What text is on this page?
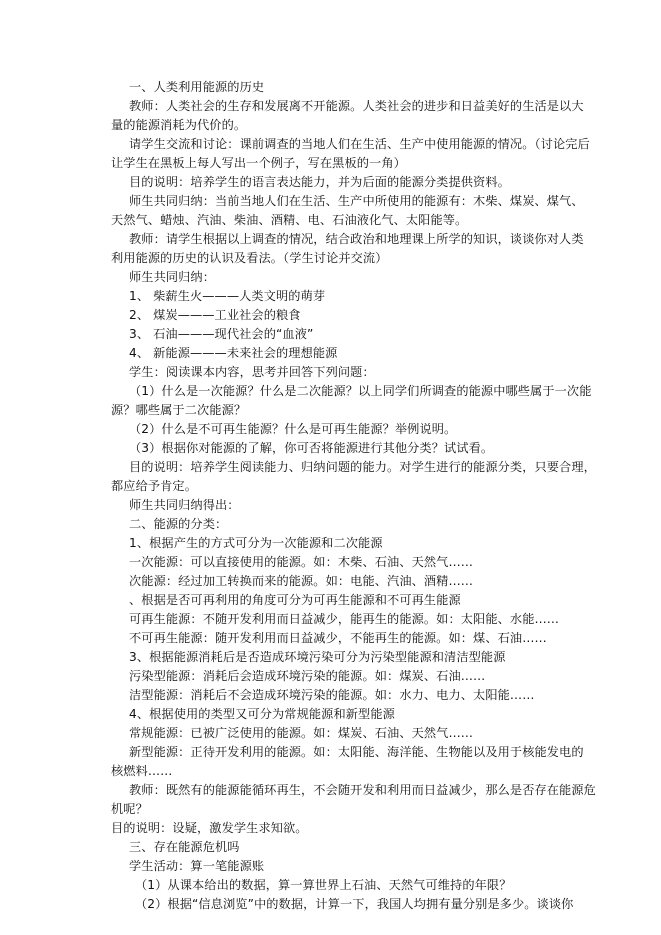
一、人类利用能源的历史
教师：人类社会的生存和发展离不开能源。人类社会的进步和日益美好的生活是以大
量的能源消耗为代价的。
请学生交流和讨论：课前调查的当地人们在生活、生产中使用能源的情况。（讨论完后
让学生在黑板上每人写出一个例子，写在黑板的一角）
目的说明：培养学生的语言表达能力，并为后面的能源分类提供资料。
师生共同归纳：当前当地人们在生活、生产中所使用的能源有：木柴、煤炭、煤气、
天然气、蜡烛、汽油、柴油、酒精、电、石油液化气、太阳能等。
教师：请学生根据以上调查的情况，结合政治和地理课上所学的知识，谈谈你对人类
利用能源的历史的认识及看法。（学生讨论并交流）
师生共同归纳：
1、 柴薪生火———人类文明的萌芽
2、 煤炭———工业社会的粮食
3、 石油———现代社会的“血液”
4、 新能源———未来社会的理想能源
学生：阅读课本内容，思考并回答下列问题：
（1）什么是一次能源？什么是二次能源？以上同学们所调查的能源中哪些属于一次能
源？哪些属于二次能源？
（2）什么是不可再生能源？什么是可再生能源？举例说明。
（3）根据你对能源的了解，你可否将能源进行其他分类？试试看。
目的说明：培养学生阅读能力、归纳问题的能力。对学生进行的能源分类，只要合理，
都应给予肯定。
师生共同归纳得出：
二、能源的分类：
1、根据产生的方式可分为一次能源和二次能源
一次能源：可以直接使用的能源。如：木柴、石油、天然气……
次能源：经过加工转换而来的能源。如：电能、汽油、酒精……
、根据是否可再利用的角度可分为可再生能源和不可再生能源
可再生能源：不随开发利用而日益减少，能再生的能源。如：太阳能、水能……
不可再生能源：随开发利用而日益减少，不能再生的能源。如：煤、石油……
3、根据能源消耗后是否造成环境污染可分为污染型能源和清洁型能源
污染型能源：消耗后会造成环境污染的能源。如：煤炭、石油……
洁型能源：消耗后不会造成环境污染的能源。如：水力、电力、太阳能……
4、根据使用的类型又可分为常规能源和新型能源
常规能源：已被广泛使用的能源。如：煤炭、石油、天然气……
新型能源：正待开发利用的能源。如：太阳能、海洋能、生物能以及用于核能发电的
核燃料……
教师：既然有的能源能循环再生，不会随开发和利用而日益减少，那么是否存在能源危
机呢？
目的说明：设疑，激发学生求知欲。
三、存在能源危机吗
学生活动：算一笔能源账
（1）从课本给出的数据，算一算世界上石油、天然气可维持的年限？
（2）根据“信息浏览”中的数据，计算一下，我国人均拥有量分别是多少。谈谈你
